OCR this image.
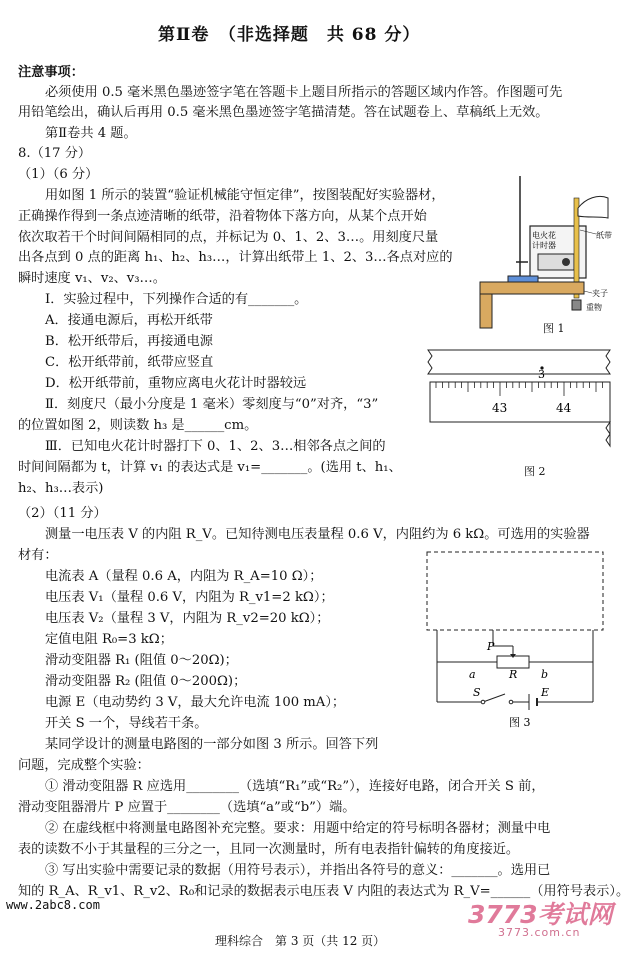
第Ⅱ卷　（非选择题　共 68 分）
注意事项：
必须使用 0.5 毫米黑色墨迹签字笔在答题卡上题目所指示的答题区域内作答。作图题可先
用铅笔绘出，确认后再用 0.5 毫米黑色墨迹签字笔描清楚。答在试题卷上、草稿纸上无效。
第Ⅱ卷共 4 题。
8.（17 分）
（1）（6 分）
用如图 1 所示的装置“验证机械能守恒定律”，按图装配好实验器材，
正确操作得到一条点迹清晰的纸带，沿着物体下落方向，从某个点开始
依次取若干个时间间隔相同的点，并标记为 0、1、2、3…。用刻度尺量
出各点到 0 点的距离 h₁、h₂、h₃…，计算出纸带上 1、2、3…各点对应的
瞬时速度 v₁、v₂、v₃…。
Ⅰ．实验过程中，下列操作合适的有_______。
A．接通电源后，再松开纸带
B．松开纸带后，再接通电源
C．松开纸带前，纸带应竖直
D．松开纸带前，重物应离电火花计时器较远
Ⅱ．刻度尺（最小分度是 1 毫米）零刻度与“0”对齐，“3”
的位置如图 2，则读数 h₃ 是______cm。
Ⅲ．已知电火花计时器打下 0、1、2、3…相邻各点之间的
时间间隔都为 t，计算 v₁ 的表达式是 v₁=_______。(选用 t、h₁、
h₂、h₃…表示)
电火花
计时器
纸带
夹子
重物
图 1
3
43	44
图 2
（2）（11 分）
测量一电压表 V 的内阻 R_V。已知待测电压表量程 0.6 V，内阻约为 6 kΩ。可选用的实验器
材有：
电流表 A（量程 0.6 A，内阻为 R_A=10 Ω）；
电压表 V₁（量程 0.6 V，内阻为 R_v1=2 kΩ）；
电压表 V₂（量程 3 V，内阻为 R_v2=20 kΩ）；
定值电阻 R₀=3 kΩ；
滑动变阻器 R₁ (阻值 0～20Ω)；
滑动变阻器 R₂ (阻值 0～200Ω)；
电源 E（电动势约 3 V，最大允许电流 100 mA）；
开关 S 一个，导线若干条。
某同学设计的测量电路图的一部分如图 3 所示。回答下列
问题，完成整个实验：
① 滑动变阻器 R 应选用________（选填“R₁”或“R₂”），连接好电路，闭合开关 S 前，
滑动变阻器滑片 P 应置于________（选填“a”或“b”）端。
② 在虚线框中将测量电路图补充完整。要求：用题中给定的符号标明各器材；测量中电
表的读数不小于其量程的三分之一，且同一次测量时，所有电表指针偏转的角度接近。
③ 写出实验中需要记录的数据（用符号表示），并指出各符号的意义：_______。选用已
知的 R_A、R_v1、R_v2、R₀和记录的数据表示电压表 V 内阻的表达式为 R_V=______（用符号表示）。
P
a	R b
S	E
图 3
www.2abc8.com	3773考试网
3773.com.cn
理科综合　第 3 页（共 12 页）
